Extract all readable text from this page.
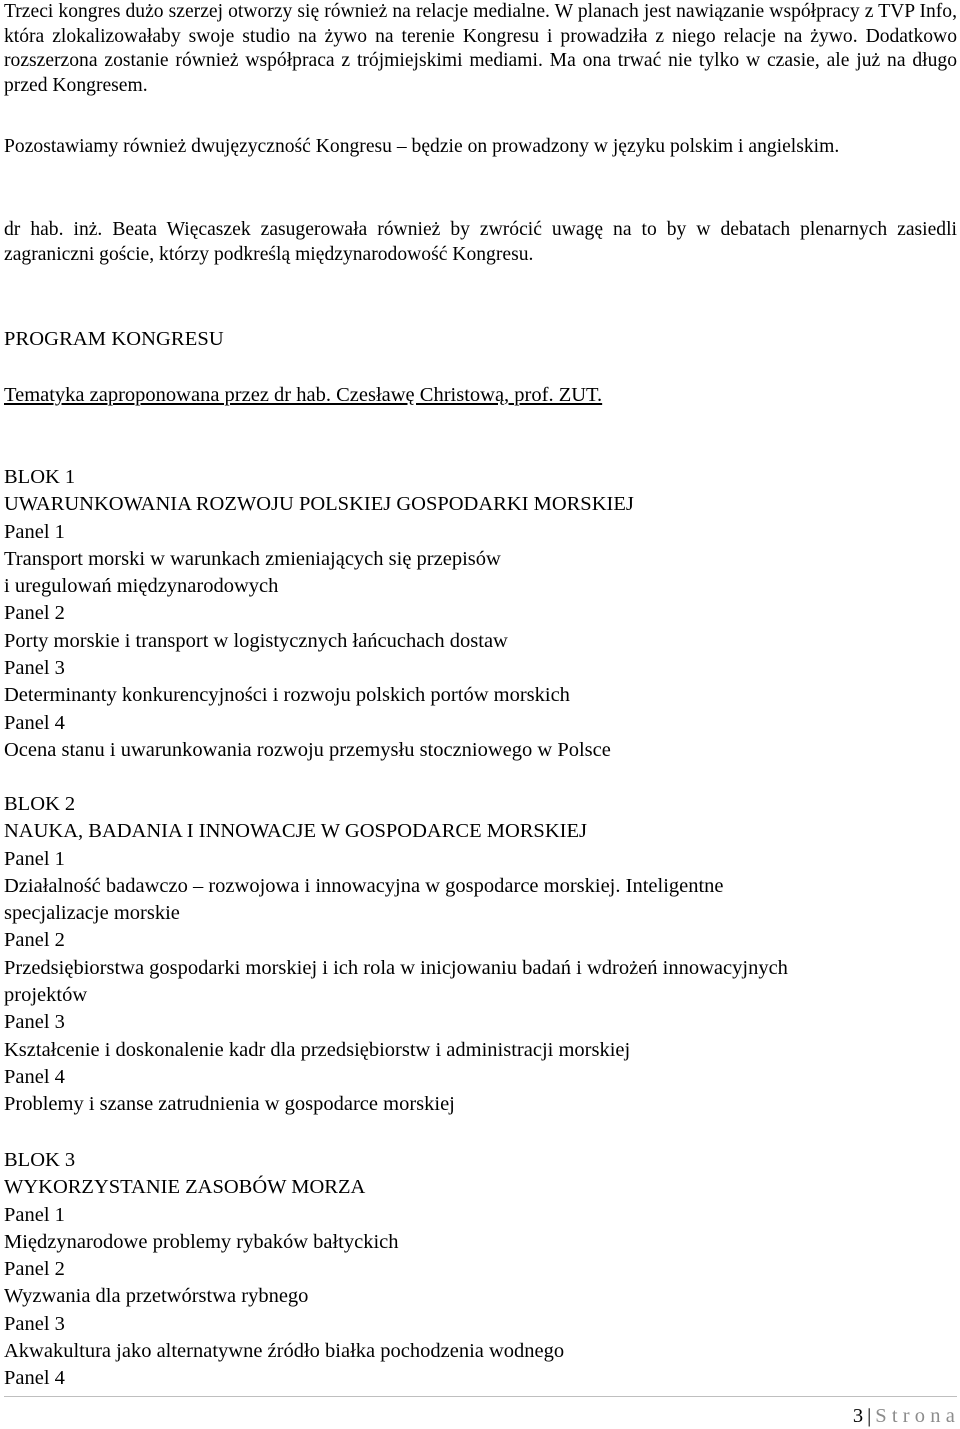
Trzeci kongres dużo szerzej otworzy się również na relacje medialne. W planach jest nawiązanie współpracy z TVP Info, która zlokalizowałaby swoje studio na żywo na terenie Kongresu i prowadziła z niego relacje na żywo. Dodatkowo rozszerzona zostanie również współpraca z trójmiejskimi mediami. Ma ona trwać nie tylko w czasie, ale już na długo przed Kongresem.

Pozostawiamy również dwujęzyczność Kongresu – będzie on prowadzony w języku polskim i angielskim.

dr hab. inż. Beata Więcaszek zasugerowała również by zwrócić uwagę na to by w debatach plenarnych zasiedli zagraniczni goście, którzy podkreślą międzynarodowość Kongresu.

PROGRAM KONGRESU
Tematyka zaproponowana przez dr hab. Czesławę Christową, prof. ZUT.
BLOK 1
UWARUNKOWANIA ROZWOJU POLSKIEJ GOSPODARKI MORSKIEJ
Panel 1
Transport morski w warunkach zmieniających się przepisów
i uregulowań międzynarodowych
Panel 2
Porty morskie i transport w logistycznych łańcuchach dostaw
Panel 3
Determinanty konkurencyjności i rozwoju polskich portów morskich
Panel 4
Ocena stanu i uwarunkowania rozwoju przemysłu stoczniowego w Polsce
BLOK 2
NAUKA, BADANIA I INNOWACJE W GOSPODARCE MORSKIEJ
Panel 1
Działalność badawczo – rozwojowa i innowacyjna w gospodarce morskiej. Inteligentne
specjalizacje morskie
Panel 2
Przedsiębiorstwa gospodarki morskiej i ich rola w inicjowaniu badań i wdrożeń innowacyjnych
projektów
Panel 3
Kształcenie i doskonalenie kadr dla przedsiębiorstw i administracji morskiej
Panel 4
Problemy i szanse zatrudnienia w gospodarce morskiej
BLOK 3
WYKORZYSTANIE ZASOBÓW MORZA
Panel 1
Międzynarodowe problemy rybaków bałtyckich
Panel 2
Wyzwania dla przetwórstwa rybnego
Panel 3
Akwakultura jako alternatywne źródło białka pochodzenia wodnego
Panel 4
3 | Strona
